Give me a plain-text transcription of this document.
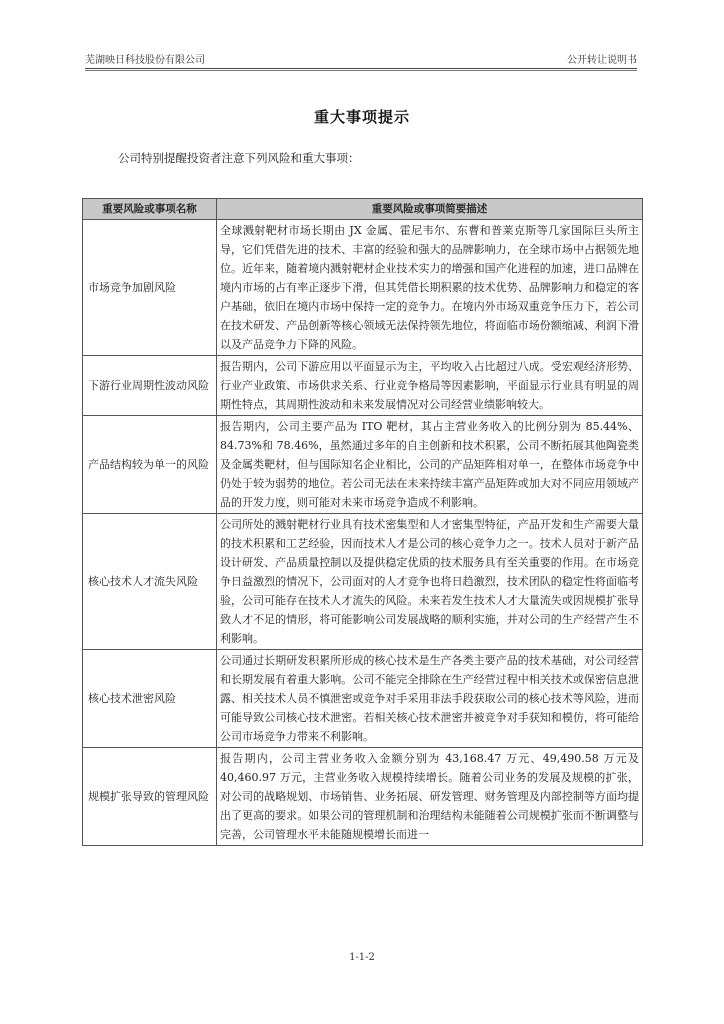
芜湖映日科技股份有限公司	公开转让说明书
重大事项提示
公司特别提醒投资者注意下列风险和重大事项：
重要风险或事项名称	重要风险或事项简要描述
市场竞争加剧风险	全球溅射靶材市场长期由 JX 金属、霍尼韦尔、东曹和普莱克斯等几家国际巨头所主导，它们凭借先进的技术、丰富的经验和强大的品牌影响力，在全球市场中占据领先地位。近年来，随着境内溅射靶材企业技术实力的增强和国产化进程的加速，进口品牌在境内市场的占有率正逐步下滑，但其凭借长期积累的技术优势、品牌影响力和稳定的客户基础，依旧在境内市场中保持一定的竞争力。在境内外市场双重竞争压力下，若公司在技术研发、产品创新等核心领域无法保持领先地位，将面临市场份额缩减、利润下滑以及产品竞争力下降的风险。
下游行业周期性波动风险	报告期内，公司下游应用以平面显示为主，平均收入占比超过八成。受宏观经济形势、行业产业政策、市场供求关系、行业竞争格局等因素影响，平面显示行业具有明显的周期性特点，其周期性波动和未来发展情况对公司经营业绩影响较大。
产品结构较为单一的风险	报告期内，公司主要产品为 ITO 靶材，其占主营业务收入的比例分别为 85.44%、84.73%和 78.46%，虽然通过多年的自主创新和技术积累，公司不断拓展其他陶瓷类及金属类靶材，但与国际知名企业相比，公司的产品矩阵相对单一，在整体市场竞争中仍处于较为弱势的地位。若公司无法在未来持续丰富产品矩阵或加大对不同应用领域产品的开发力度，则可能对未来市场竞争造成不利影响。
核心技术人才流失风险	公司所处的溅射靶材行业具有技术密集型和人才密集型特征，产品开发和生产需要大量的技术积累和工艺经验，因而技术人才是公司的核心竞争力之一。技术人员对于新产品设计研发、产品质量控制以及提供稳定优质的技术服务具有至关重要的作用。在市场竞争日益激烈的情况下，公司面对的人才竞争也将日趋激烈，技术团队的稳定性将面临考验，公司可能存在技术人才流失的风险。未来若发生技术人才大量流失或因规模扩张导致人才不足的情形，将可能影响公司发展战略的顺利实施，并对公司的生产经营产生不利影响。
核心技术泄密风险	公司通过长期研发积累所形成的核心技术是生产各类主要产品的技术基础，对公司经营和长期发展有着重大影响。公司不能完全排除在生产经营过程中相关技术或保密信息泄露、相关技术人员不慎泄密或竞争对手采用非法手段获取公司的核心技术等风险，进而可能导致公司核心技术泄密。若相关核心技术泄密并被竞争对手获知和模仿，将可能给公司市场竞争力带来不利影响。
规模扩张导致的管理风险	报告期内，公司主营业务收入金额分别为 43,168.47 万元、49,490.58 万元及 40,460.97 万元，主营业务收入规模持续增长。随着公司业务的发展及规模的扩张，对公司的战略规划、市场销售、业务拓展、研发管理、财务管理及内部控制等方面均提出了更高的要求。如果公司的管理机制和治理结构未能随着公司规模扩张而不断调整与完善，公司管理水平未能随规模增长而进一
1-1-2
